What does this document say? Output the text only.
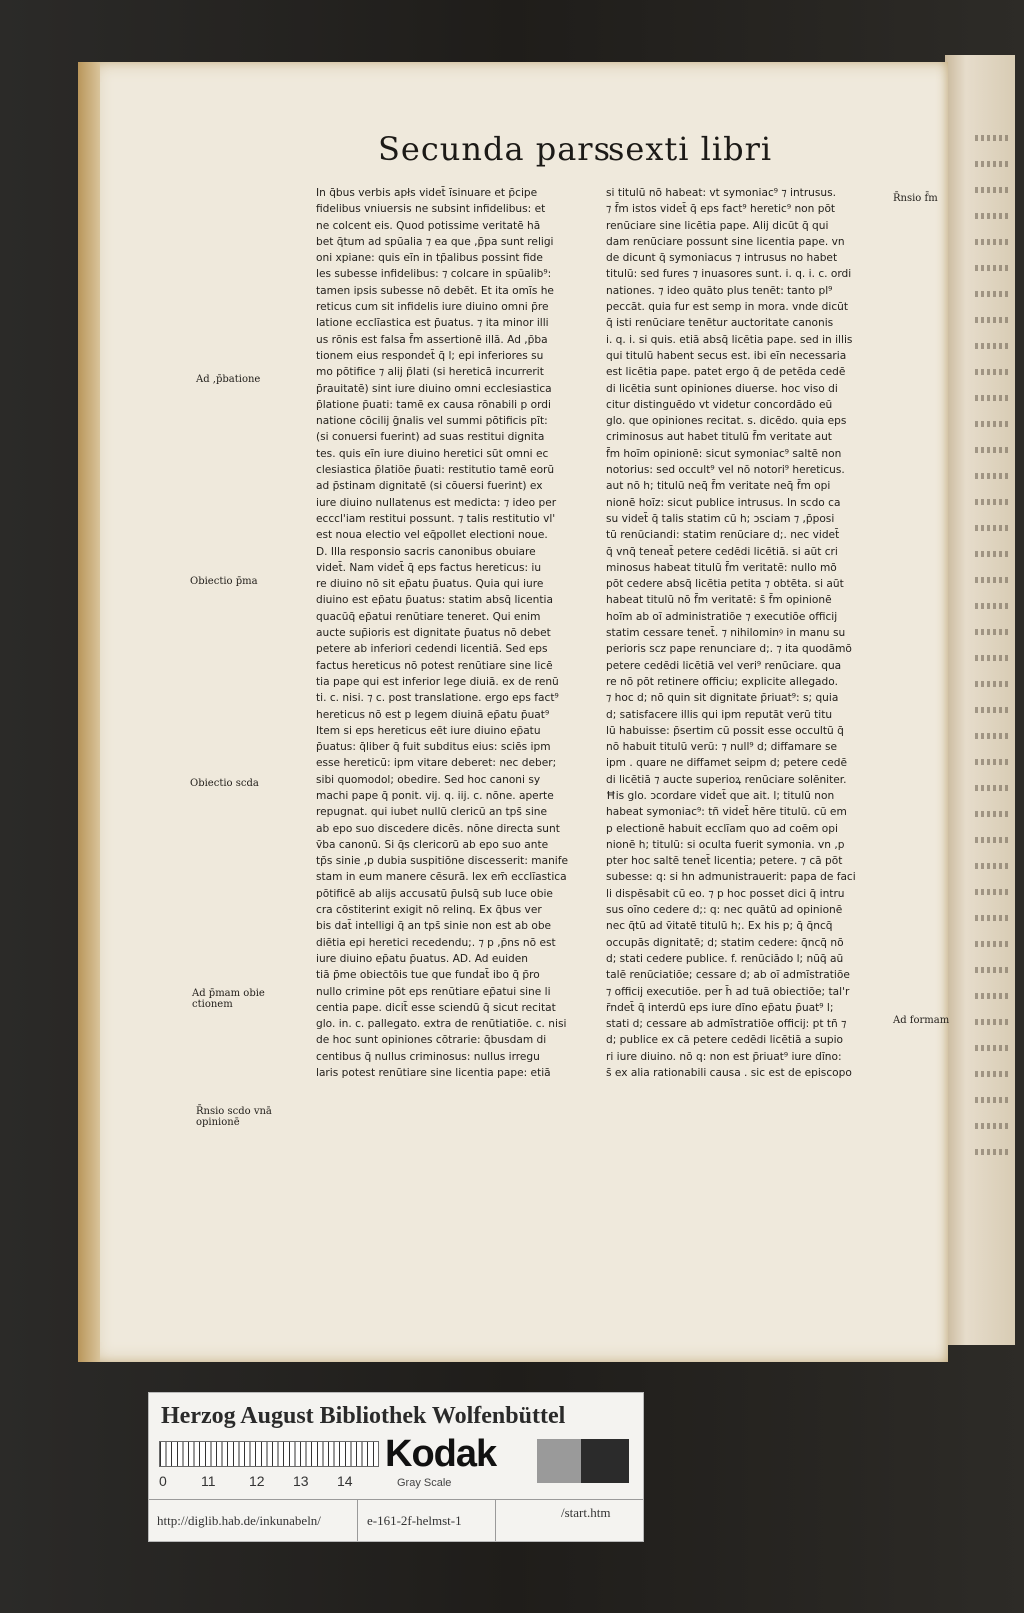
Secunda pars
sexti libri
In q̄bus verbis apłs videt̄ īsinuare et p̄cipe
fidelibus vniuersis ne subsint infidelibus: et
ne colcent eis. Quod potissime veritatē hā
bet q̄tum ad spūalia ⁊ ea que ,p̄pa sunt religi
oni xpiane: quis eīn in tp̄alibus possint fide
les subesse infidelibus: ⁊ colcare in spūalib⁹:
tamen ipsis subesse nō debēt. Et ita omīs he
reticus cum sit infidelis iure diuino omni p̄re
latione ecclīastica est p̄uatus. ⁊ ita minor illi
us rōnis est falsa f̄m assertionē illā. Ad ,p̄ba
tionem eius respondet̄ q̄ l; epi inferiores su
mo pōtifice ⁊ alij p̄lati (si hereticā incurrerit
p̄rauitatē) sint iure diuino omni ecclesiastica
p̄latione p̄uati: tamē ex causa rōnabili p ordi
natione cōcilij ḡnalis vel summi pōtificis pīt:
(si conuersi fuerint) ad suas restitui dignita
tes. quis eīn iure diuino heretici sūt omni ec
clesiastica p̄latiōe p̄uati: restitutio tamē eorū
ad p̄stinam dignitatē (si cōuersi fuerint) ex
iure diuino nullatenus est medicta: ⁊ ideo per
ecccl'iam restitui possunt. ⁊ talis restitutio vl'
est noua electio vel eq̄pollet electioni noue.
D. Illa responsio sacris canonibus obuiare
videt̄. Nam videt̄ q̄ eps factus hereticus: iu
re diuino nō sit ep̄atu p̄uatus. Quia qui iure
diuino est ep̄atu p̄uatus: statim absq̄ licentia
quacūq̄ ep̄atui renūtiare teneret. Qui enim
aucte sup̄ioris est dignitate p̄uatus nō debet
petere ab inferiori cedendi licentiā. Sed eps
factus hereticus nō potest renūtiare sine licē
tia pape qui est inferior lege diuiā. ex de renū
ti. c. nisi. ⁊ c. post translatione. ergo eps fact⁹
hereticus nō est p legem diuinā ep̄atu p̄uat⁹
Item si eps hereticus eēt iure diuino ep̄atu
p̄uatus: q̄liber q̄ fuit subditus eius: sciēs ipm
esse hereticū: ipm vitare deberet: nec deber;
sibi quomodol; obedire. Sed hoc canoni sy
machi pape q̄ ponit. vij. q. iij. c. nōne. aperte
repugnat. qui iubet nullū clericū an tps̄ sine
ab epo suo discedere dicēs. nōne directa sunt
v̄ba canonū. Si q̄s clericorū ab epo suo ante
tp̄s sinie ,p dubia suspitiōne discesserit: manife
stam in eum manere cēsurā. lex em̄ ecclīastica
pōtificē ab alijs accusatū p̄ulsq̄ sub luce obie
cra cōstiterint exigit nō relinq. Ex q̄bus ver
bis dat̄ intelligi q̄ an tps̄ sinie non est ab obe
diētia epi heretici recedendu;. ⁊ p ,p̄ns nō est
iure diuino ep̄atu p̄uatus. AD. Ad euiden
tiā p̄me obiectōis tue que fundat̄ ibo q̄ p̄ro
nullo crimine pōt eps renūtiare ep̄atui sine li
centia pape. dicit̄ esse sciendū q̄ sicut recitat
glo. in. c. pallegato. extra de renūtiatiōe. c. nisi
de hoc sunt opiniones cōtrarie: q̄busdam di
centibus q̄ nullus criminosus: nullus irregu
laris potest renūtiare sine licentia pape: etiā
si titulū nō habeat: vt symoniac⁹ ⁊ intrusus.
⁊ f̄m istos videt̄ q̄ eps fact⁹ heretic⁹ non pōt
renūciare sine licētia pape. Alij dicūt q̄ qui
dam renūciare possunt sine licentia pape. vn
de dicunt q̄ symoniacus ⁊ intrusus no habet
titulū: sed fures ⁊ inuasores sunt. i. q. i. c. ordi
nationes. ⁊ ideo quāto plus tenēt: tanto pl⁹
peccāt. quia fur est semp in mora. vnde dicūt
q̄ isti renūciare tenētur auctoritate canonis
i. q. i. si quis. etiā absq̄ licētia pape. sed in illis
qui titulū habent secus est. ibi eīn necessaria
est licētia pape. patet ergo q̄ de petēda cedē
di licētia sunt opiniones diuerse. hoc viso di
citur distinguēdo vt videtur concordādo eū
glo. que opiniones recitat. s. dicēdo. quia eps
criminosus aut habet titulū f̄m veritate aut
f̄m hoīm opinionē: sicut symoniac⁹ saltē non
notorius: sed occult⁹ vel nō notori⁹ hereticus.
aut nō h; titulū neq̄ f̄m veritate neq̄ f̄m opi
nionē hoīz: sicut publice intrusus. In scdo ca
su videt̄ q̄ talis statim cū h; ɔsciam ⁊ ,p̄posi
tū renūciandi: statim renūciare d;. nec videt̄
q̄ vnq̄ teneat̄ petere cedēdi licētiā. si aūt cri
minosus habeat titulū f̄m veritatē: nullo mō
pōt cedere absq̄ licētia petita ⁊ obtēta. si aūt
habeat titulū nō f̄m veritatē: s̄ f̄m opinionē
hoīm ab oī administratiōe ⁊ executiōe officij
statim cessare tenet̄. ⁊ nihilominꝰ in manu su
perioris scz pape renunciare d;. ⁊ ita quodāmō
petere cedēdi licētiā vel veri⁹ renūciare. qua
re nō pōt retinere officiu; explicite allegado.
⁊ hoc d; nō quin sit dignitate p̄riuat⁹: s; quia
d; satisfacere illis qui ipm reputāt verū titu
lū habuisse: p̄sertim cū possit esse occultū q̄
nō habuit titulū verū: ⁊ null⁹ d; diffamare se
ipm . quare ne diffamet seipm d; petere cedē
di licētiā ⁊ aucte superioꝝ renūciare solēniter.
Ħis glo. ɔcordare videt̄ que ait. l; titulū non
habeat symoniac⁹: tñ videt̄ hēre titulū. cū em
p electionē habuit ecclīam quo ad coēm opi
nionē h; titulū: si oculta fuerit symonia. vn ,p
pter hoc saltē tenet̄ licentia; petere. ⁊ cā pōt
subesse: q: si hn admunistrauerit: papa de faci
li dispēsabit cū eo. ⁊ p hoc posset dici q̄ intru
sus oīno cedere d;: q: nec quātū ad opinionē
nec q̄tū ad v̄itatē titulū h;. Ex his p; q̄ q̄ncq̄
occupās dignitatē; d; statim cedere: q̄ncq̄ nō
d; stati cedere publice. f. renūciādo l; nūq̄ aū
talē renūciatiōe; cessare d; ab oī admīstratiōe
⁊ officij executiōe. per h̄ ad tuā obiectiōe; tal'r
r̄ndet̄ q̄ interdū eps iure dīno ep̄atu p̄uat⁹ l;
stati d; cessare ab admīstratiōe officij: pt tñ ⁊
d; publice ex cā petere cedēdi licētiā a supio
ri iure diuino. nō q: non est p̄riuat⁹ iure dīno:
s̄ ex alia rationabili causa . sic est de episcopo
Ad ,p̄batione
Obiectio p̄ma
Obiectio scda
Ad p̄mam obie
ctionem
R̄nsio scdo vnā
opinionē
R̄nsio f̄m
Ad formam
Herzog August Bibliothek Wolfenbüttel
0 11 12 13 14
Kodak
Gray Scale
http://diglib.hab.de/inkunabeln/	e-161-2f-helmst-1
/start.htm
